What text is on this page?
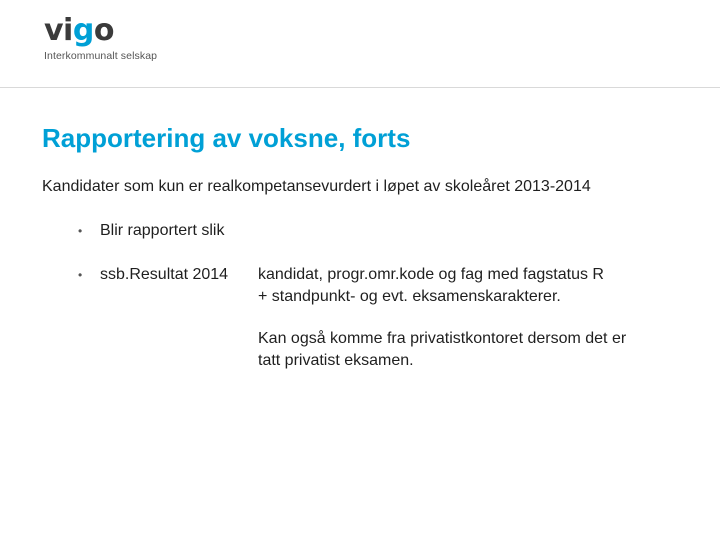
vigo
Interkommunalt selskap
Rapportering av voksne, forts

Kandidater som kun er realkompetansevurdert i løpet av skoleåret 2013-2014

• Blir rapportert slik
• ssb.Resultat 2014 kandidat, progr.omr.kode og fag med fagstatus R
+ standpunkt- og evt. eksamenskarakterer.
Kan også komme fra privatistkontoret dersom det er
tatt privatist eksamen.
